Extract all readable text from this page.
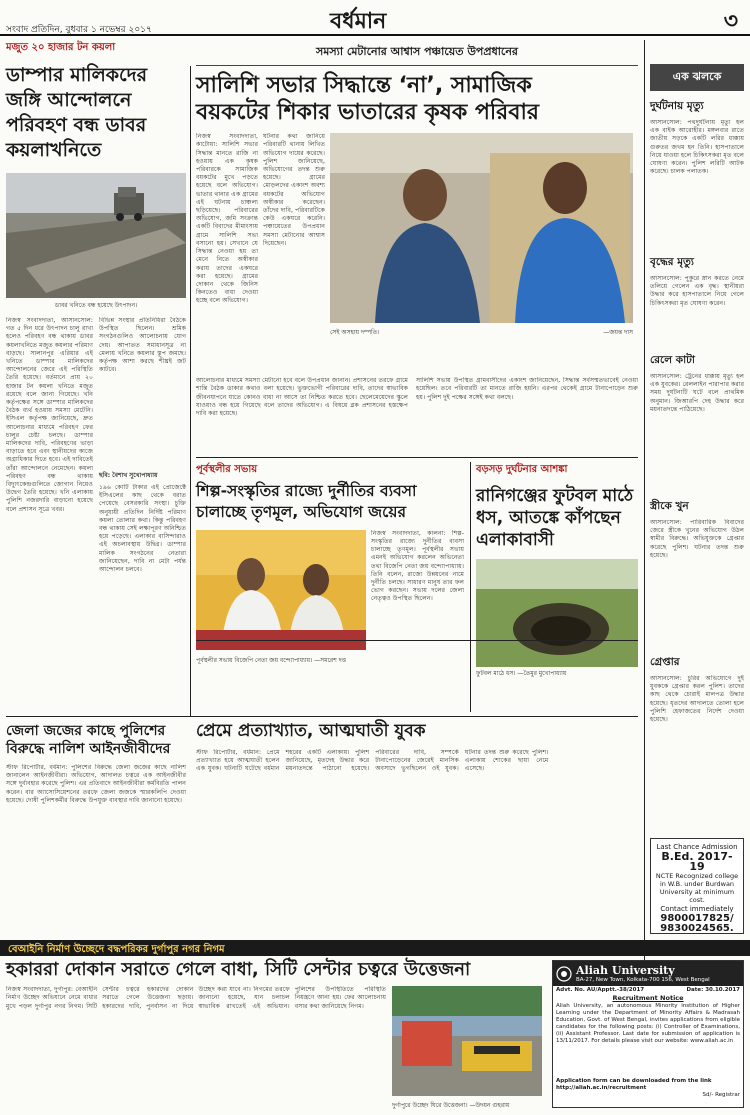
সংবাদ প্রতিদিন, বুধবার ১ নভেম্বর ২০১৭	বর্ধমান	৩
মজুত ২০ হাজার টন কয়লা
ডাম্পার মালিকদের জঙ্গি আন্দোলনে পরিবহণ বন্ধ ডাবর কয়লাখনিতে
ডাবর খনিতে বন্ধ হয়েছে উৎপাদন।
নিজস্ব সংবাদদাতা, আসানসোল: গত ৫ দিন ধরে উৎপাদন চালু রাখা হলেও পরিবহণ বন্ধ থাকায় ডাবর কয়লাখনিতে মজুত কয়লার পরিমাণ বাড়ছে। সালানপুর এরিয়ার এই খনিতে ডাম্পার মালিকদের আন্দোলনের জেরে এই পরিস্থিতি তৈরি হয়েছে। বর্তমানে প্রায় ২০ হাজার টন কয়লা খনিতে মজুত রয়েছে বলে জানা গিয়েছে। খনি কর্তৃপক্ষের সঙ্গে ডাম্পার মালিকদের বৈঠক ব্যর্থ হওয়ায় সমস্যা মেটেনি। ইসিএল কর্তৃপক্ষ জানিয়েছে, দ্রুত আলোচনার মাধ্যমে পরিবহণ ফের চালুর চেষ্টা চলছে। ডাম্পার মালিকদের দাবি, পরিবহণের ভাড়া বাড়াতে হবে এবং স্থানীয়দের কাজে অগ্রাধিকার দিতে হবে। এই দাবিতেই তাঁরা আন্দোলনে নেমেছেন। কয়লা পরিবহণ বন্ধ থাকায় বিদ্যুৎকেন্দ্রগুলিতে জোগান নিয়েও উদ্বেগ তৈরি হয়েছে। খনি এলাকায় পুলিশি নজরদারি বাড়ানো হয়েছে বলে প্রশাসন সূত্রে খবর।
বিভিন্ন সংস্থার প্রতিনিধিরা বৈঠকে উপস্থিত ছিলেন। শ্রমিক সংগঠনগুলিও আলোচনায় যোগ দেয়। আপাতত সমাধানসূত্র না মেলায় খনিতে কয়লার স্তূপ জমছে। কর্তৃপক্ষ আশা করছে শীঘ্রই জট কাটবে।
ছবি: বৈশাখ সুখোপাধ্যায়
১৯৬ কোটি টাকার এই প্রোজেক্টে ইসিএলের কাছ থেকে বরাত পেয়েছে বেসরকারি সংস্থা। চুক্তি অনুযায়ী প্রতিদিন নির্দিষ্ট পরিমাণ কয়লা তোলার কথা। কিন্তু পরিবহণ বন্ধ থাকায় সেই লক্ষ্যপূরণ অনিশ্চিত হয়ে পড়েছে। এলাকার বাসিন্দারাও এই অচলাবস্থায় উদ্বিগ্ন। ডাম্পার মালিক সংগঠনের নেতারা জানিয়েছেন, দাবি না মেটা পর্যন্ত আন্দোলন চলবে।
সমস্যা মেটানোর আশ্বাস পঞ্চায়েত উপপ্রধানের
সালিশি সভার সিদ্ধান্তে ‘না’, সামাজিক
বয়কটের শিকার ভাতারের কৃষক পরিবার
নিজস্ব সংবাদদাতা, কাটোয়া: সালিশি সভার সিদ্ধান্ত মানতে রাজি না হওয়ায় এক কৃষক পরিবারকে সামাজিক বয়কটের মুখে পড়তে হয়েছে বলে অভিযোগ। ভাতার থানার এক গ্রামের এই ঘটনায় চাঞ্চল্য ছড়িয়েছে। পরিবারের অভিযোগ, জমি সংক্রান্ত একটি বিবাদের মীমাংসায় গ্রামে সালিশি সভা বসানো হয়। সেখানে যে সিদ্ধান্ত নেওয়া হয় তা মেনে নিতে অস্বীকার করায় তাদের একঘরে করা হয়েছে। গ্রামের দোকান থেকে জিনিস কিনতেও বাধা দেওয়া হচ্ছে বলে অভিযোগ।
ঘটনার কথা জানিয়ে পরিবারটি থানায় লিখিত অভিযোগ দায়ের করেছে। পুলিশ জানিয়েছে, অভিযোগের তদন্ত শুরু হয়েছে। গ্রামের মোড়লদের একাংশ অবশ্য বয়কটের অভিযোগ অস্বীকার করেছেন। তাঁদের দাবি, পরিবারটিকে কেউ একঘরে করেনি। পঞ্চায়েতের উপপ্রধান সমস্যা মেটানোর আশ্বাস দিয়েছেন।
সেই অসহায় দম্পতি।	—জয়ন্ত দাস
আলোচনার মাধ্যমে সমস্যা মেটানো হবে বলে উপপ্রধান জানান। প্রশাসনের তরফে গ্রামে শান্তি বৈঠক ডাকার কথাও বলা হয়েছে। ভুক্তভোগী পরিবারের দাবি, তাদের স্বাভাবিক জীবনযাপনে যাতে কোনও বাধা না আসে তা নিশ্চিত করতে হবে। ছেলেমেয়েদের স্কুলে যাওয়াও বন্ধ হয়ে গিয়েছে বলে তাদের অভিযোগ। এ বিষয়ে ব্লক প্রশাসনের হস্তক্ষেপ দাবি করা হয়েছে।
সালিশি সভায় উপস্থিত গ্রামবাসীদের একাংশ জানিয়েছেন, সিদ্ধান্ত সর্বসম্মতভাবেই নেওয়া হয়েছিল। তবে পরিবারটি তা মানতে রাজি হয়নি। এরপর থেকেই গ্রামে টানাপোড়েন শুরু হয়। পুলিশ দুই পক্ষের সঙ্গেই কথা বলছে।
পূর্বস্থলীর সভায়
শিল্প-সংস্কৃতির রাজ্যে দুর্নীতির ব্যবসা
চালাচ্ছে তৃণমূল, অভিযোগ জয়ের
পূর্বস্থলীর সভায় বিজেপি নেতা জয় বন্দ্যোপাধ্যায়। —সমরেশ দত্ত
নিজস্ব সংবাদদাতা, কালনা: শিল্প-সংস্কৃতির রাজ্যে দুর্নীতির ব্যবসা চালাচ্ছে তৃণমূল। পূর্বস্থলীর সভায় এমনই অভিযোগ করলেন অভিনেতা তথা বিজেপি নেতা জয় বন্দ্যোপাধ্যায়। তিনি বলেন, রাজ্যে উন্নয়নের নামে দুর্নীতি চলছে। সাধারণ মানুষ তার ফল ভোগ করছেন। সভায় দলের জেলা নেতৃত্বও উপস্থিত ছিলেন।
বড়সড় দুর্ঘটনার আশঙ্কা
রানিগঞ্জের ফুটবল মাঠে ধস, আতঙ্কে কাঁপছেন এলাকাবাসী
ফুটবল মাঠে ধস। —তৈমুর মুখোপাধ্যায়
জেলা জজের কাছে পুলিশের বিরুদ্ধে নালিশ আইনজীবীদের
স্টাফ রিপোর্টার, বর্ধমান: পুলিশের বিরুদ্ধে জেলা জজের কাছে নালিশ জানালেন আইনজীবীরা। অভিযোগ, আদালত চত্বরে এক আইনজীবীর সঙ্গে দুর্ব্যবহার করেছে পুলিশ। এর প্রতিবাদে আইনজীবীরা কর্মবিরতি পালন করেন। বার অ্যাসোসিয়েশনের তরফে জেলা জজকে স্মারকলিপি দেওয়া হয়েছে। দোষী পুলিশকর্মীর বিরুদ্ধে উপযুক্ত ব্যবস্থার দাবি জানানো হয়েছে।
প্রেমে প্রত্যাখ্যাত, আত্মঘাতী যুবক
স্টাফ রিপোর্টার, বর্ধমান: প্রেমে প্রত্যাখ্যাত হয়ে আত্মঘাতী হলেন এক যুবক। ঘটনাটি ঘটেছে বর্ধমান শহরের একটি এলাকায়। পুলিশ জানিয়েছে, মৃতদেহ উদ্ধার করে ময়নাতদন্তে পাঠানো হয়েছে। পরিবারের দাবি, সম্পর্কে টানাপোড়েনের জেরেই মানসিক অবসাদে ভুগছিলেন ওই যুবক। ঘটনার তদন্ত শুরু করেছে পুলিশ। এলাকায় শোকের ছায়া নেমে এসেছে।
বেআইনি নির্মাণ উচ্ছেদে বদ্ধপরিকর দুর্গাপুর নগর নিগম
হকাররা দোকান সরাতে গেলে বাধা, সিটি সেন্টার চত্বরে উত্তেজনা
নিজস্ব সংবাদদাতা, দুর্গাপুর: বেআইনি নির্মাণ উচ্ছেদ অভিযানে নেমে বাধার মুখে পড়ল দুর্গাপুর নগর নিগম। সিটি সেন্টার চত্বরে হকারদের দোকান সরাতে গেলে উত্তেজনা ছড়ায়। হকারদের দাবি, পুনর্বাসন না দিয়ে উচ্ছেদ করা যাবে না। নিগমের তরফে জানানো হয়েছে, যান চলাচল স্বাভাবিক রাখতেই এই অভিযান। পুলিশের উপস্থিতিতে পরিস্থিতি নিয়ন্ত্রণে আনা হয়। ফের আলোচনায় বসার কথা জানিয়েছে নিগম।
দুর্গাপুরে উচ্ছেদ ঘিরে উত্তেজনা। —উদয়ন গুহরায়
এক ঝলকে
দুর্ঘটনায় মৃত্যু
আসানসোল: পথদুর্ঘটনায় মৃত্যু হল এক বাইক আরোহীর। মঙ্গলবার রাতে জাতীয় সড়কে একটি লরির ধাক্কায় গুরুতর জখম হন তিনি। হাসপাতালে নিয়ে যাওয়া হলে চিকিৎসকরা মৃত বলে ঘোষণা করেন। পুলিশ লরিটি আটক করেছে। চালক পলাতক।
বৃদ্ধের মৃত্যু
আসানসোল: পুকুরে স্নান করতে নেমে তলিয়ে গেলেন এক বৃদ্ধ। স্থানীয়রা উদ্ধার করে হাসপাতালে নিয়ে গেলে চিকিৎসকরা মৃত ঘোষণা করেন।
রেলে কাটা
আসানসোল: ট্রেনের ধাক্কায় মৃত্যু হল এক যুবকের। রেললাইন পারাপার করার সময় দুর্ঘটনাটি ঘটে বলে প্রাথমিক অনুমান। জিআরপি দেহ উদ্ধার করে ময়নাতদন্তে পাঠিয়েছে।
স্ত্রীকে খুন
আসানসোল: পারিবারিক বিবাদের জেরে স্ত্রীকে খুনের অভিযোগ উঠল স্বামীর বিরুদ্ধে। অভিযুক্তকে গ্রেপ্তার করেছে পুলিশ। ঘটনার তদন্ত শুরু হয়েছে।
গ্রেপ্তার
আসানসোল: চুরির অভিযোগে দুই যুবককে গ্রেপ্তার করল পুলিশ। তাদের কাছ থেকে চোরাই মালপত্র উদ্ধার হয়েছে। ধৃতদের আদালতে তোলা হলে পুলিশি হেফাজতের নির্দেশ দেওয়া হয়েছে।
Last Chance Admission
B.Ed. 2017-19
NCTE Recognized college in W.B. under Burdwan University at minimum cost.
Contact immediately
9800017825/
9830024565.
Aliah University
BA-27, New Town, Kolkata-700 156, West Bengal
Advt. No. AU/Apptt.-38/2017	Date: 30.10.2017
Recruitment Notice
Aliah University, an autonomous Minority institution of Higher Learning under the Department of Minority Affairs & Madrasah Education, Govt. of West Bengal, invites applications from eligible candidates for the following posts: (i) Controller of Examinations, (ii) Assistant Professor. Last date for submission of application is 13/11/2017. For details please visit our website: www.aliah.ac.in
Application form can be downloaded from the link http://aliah.ac.in/recruitment
Sd/- Registrar
